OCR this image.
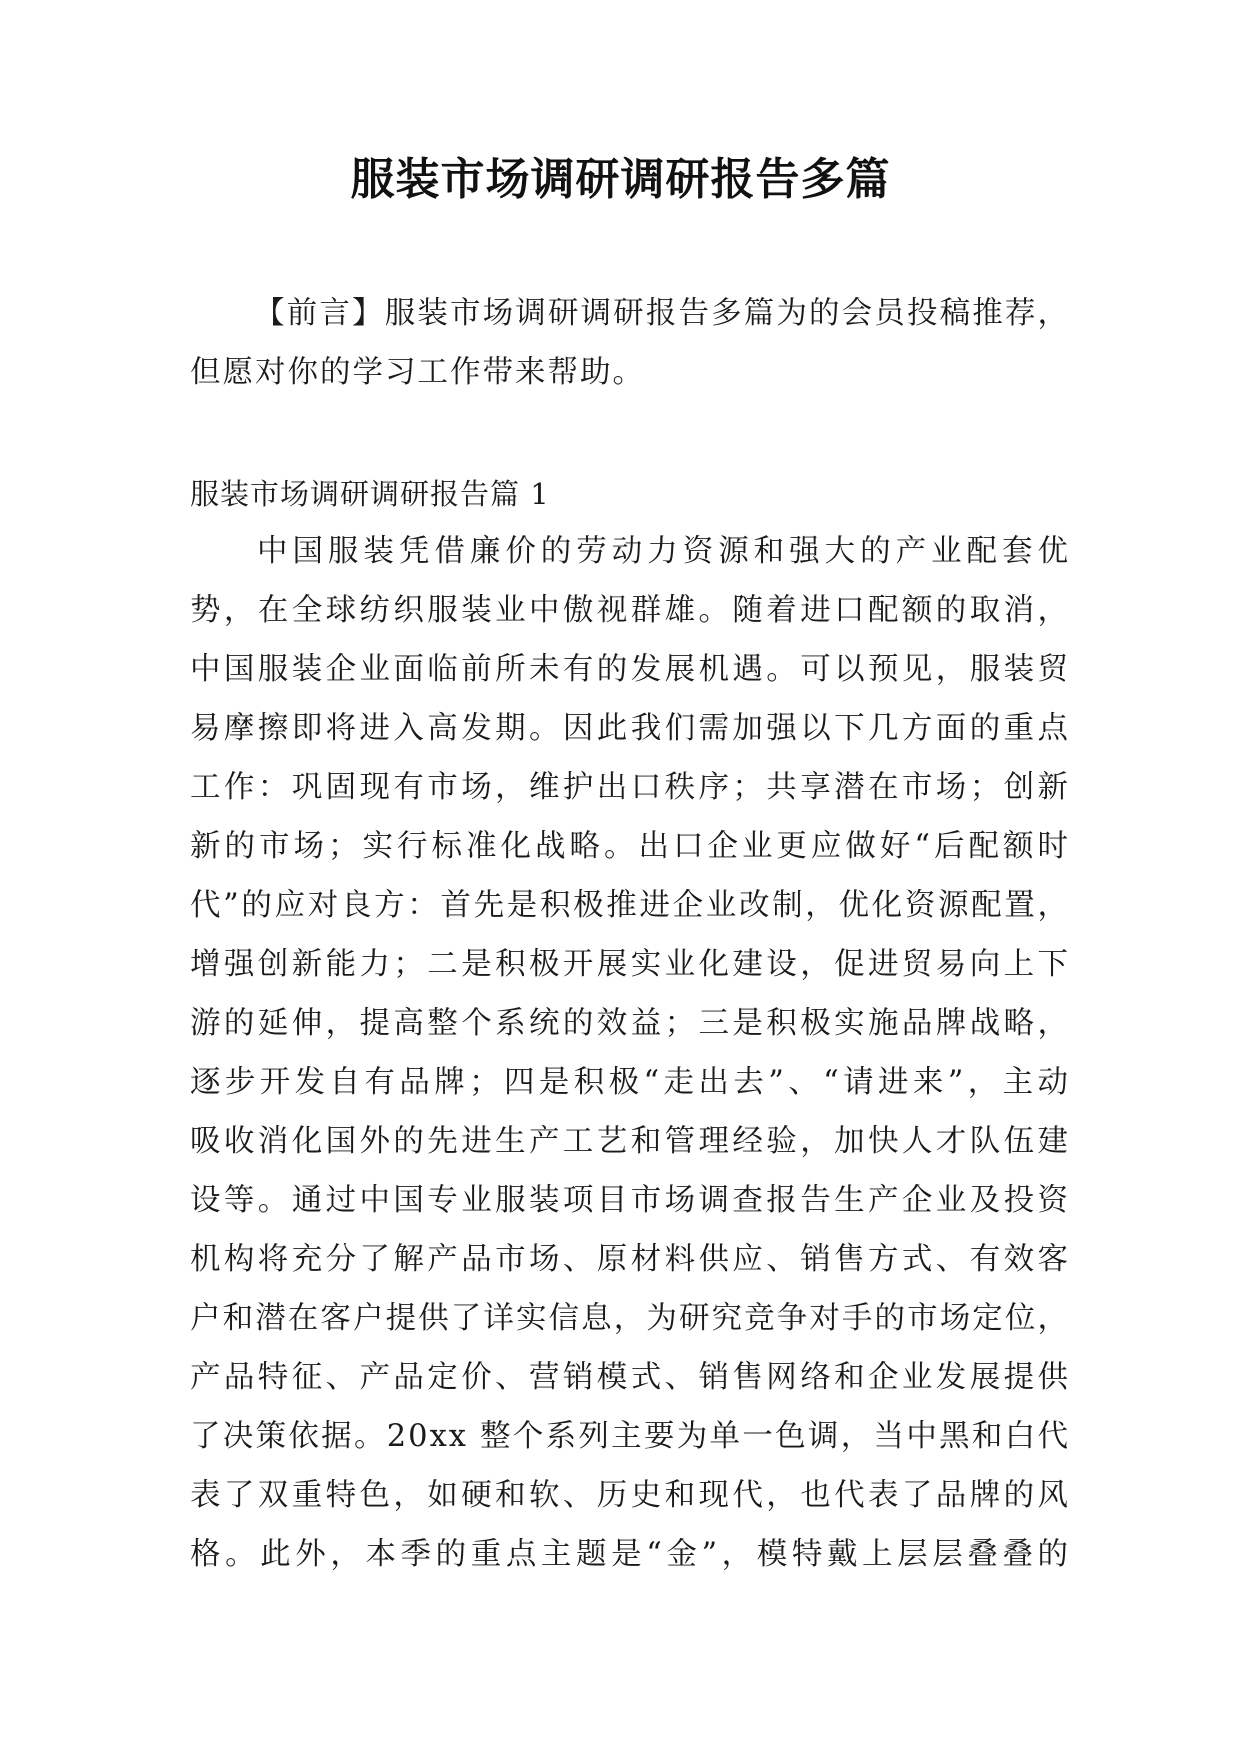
服装市场调研调研报告多篇
【前言】服装市场调研调研报告多篇为的会员投稿推荐，
但愿对你的学习工作带来帮助。
服装市场调研调研报告篇 1
中国服装凭借廉价的劳动力资源和强大的产业配套优
势，在全球纺织服装业中傲视群雄。随着进口配额的取消，
中国服装企业面临前所未有的发展机遇。可以预见，服装贸
易摩擦即将进入高发期。因此我们需加强以下几方面的重点
工作：巩固现有市场，维护出口秩序；共享潜在市场；创新
新的市场；实行标准化战略。出口企业更应做好“后配额时
代”的应对良方：首先是积极推进企业改制，优化资源配置，
增强创新能力；二是积极开展实业化建设，促进贸易向上下
游的延伸，提高整个系统的效益；三是积极实施品牌战略，
逐步开发自有品牌；四是积极“走出去”、“请进来”，主动
吸收消化国外的先进生产工艺和管理经验，加快人才队伍建
设等。通过中国专业服装项目市场调查报告生产企业及投资
机构将充分了解产品市场、原材料供应、销售方式、有效客
户和潜在客户提供了详实信息，为研究竞争对手的市场定位，
产品特征、产品定价、营销模式、销售网络和企业发展提供
了决策依据。20xx 整个系列主要为单一色调，当中黑和白代
表了双重特色，如硬和软、历史和现代，也代表了品牌的风
格。此外，本季的重点主题是“金”，模特戴上层层叠叠的
